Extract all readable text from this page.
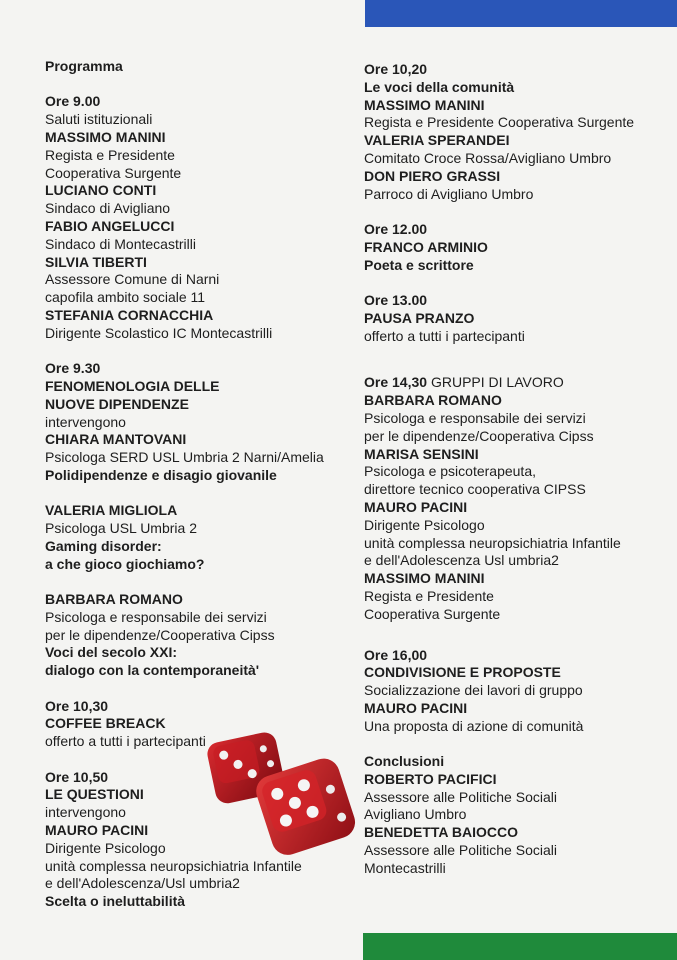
Programma
Ore 9.00
Saluti istituzionali
MASSIMO MANINI
Regista e Presidente
Cooperativa Surgente
LUCIANO CONTI
Sindaco di Avigliano
FABIO ANGELUCCI
Sindaco di Montecastrilli
SILVIA TIBERTI
Assessore Comune di Narni
capofila ambito sociale 11
STEFANIA CORNACCHIA
Dirigente Scolastico IC Montecastrilli
Ore 9.30
FENOMENOLOGIA DELLE
NUOVE DIPENDENZE
intervengono
CHIARA MANTOVANI
Psicologa SERD USL Umbria 2 Narni/Amelia
Polidipendenze e disagio giovanile
VALERIA MIGLIOLA
Psicologa USL Umbria 2
Gaming disorder:
a che gioco giochiamo?
BARBARA ROMANO
Psicologa e responsabile dei servizi
per le dipendenze/Cooperativa Cipss
Voci del secolo XXI:
dialogo con la contemporaneità'
Ore 10,30
COFFEE BREACK
offerto a tutti i partecipanti
Ore 10,50
LE QUESTIONI
intervengono
MAURO PACINI
Dirigente Psicologo
unità complessa neuropsichiatria Infantile
e dell'Adolescenza/Usl umbria2
Scelta o ineluttabilità
Ore 10,20
Le voci della comunità
MASSIMO MANINI
Regista e Presidente Cooperativa Surgente
VALERIA SPERANDEI
Comitato Croce Rossa/Avigliano Umbro
DON PIERO GRASSI
Parroco di Avigliano Umbro
Ore 12.00
FRANCO ARMINIO
Poeta e scrittore
Ore 13.00
PAUSA PRANZO
offerto a tutti i partecipanti
Ore 14,30 GRUPPI DI LAVORO
BARBARA ROMANO
Psicologa e responsabile dei servizi
per le dipendenze/Cooperativa Cipss
MARISA SENSINI
Psicologa e psicoterapeuta,
direttore tecnico cooperativa CIPSS
MAURO PACINI
Dirigente Psicologo
unità complessa neuropsichiatria Infantile
e dell'Adolescenza Usl umbria2
MASSIMO MANINI
Regista e Presidente
Cooperativa Surgente
Ore 16,00
CONDIVISIONE E PROPOSTE
Socializzazione dei lavori di gruppo
MAURO PACINI
Una proposta di azione di comunità
Conclusioni
ROBERTO PACIFICI
Assessore alle Politiche Sociali
Avigliano Umbro
BENEDETTA BAIOCCO
Assessore alle Politiche Sociali
Montecastrilli
